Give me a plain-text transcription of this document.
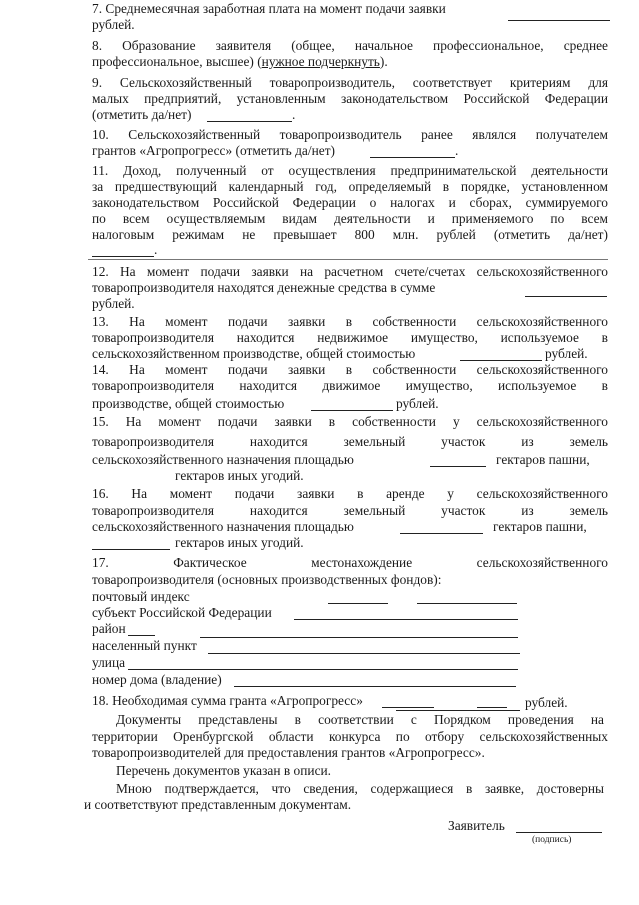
7. Среднемесячная заработная плата на момент подачи заявки
рублей.
8. Образование заявителя (общее, начальное профессиональное, среднее
профессиональное, высшее) (нужное подчеркнуть).
9. Сельскохозяйственный товаропроизводитель, соответствует критериям для
малых предприятий, установленным законодательством Российской Федерации
(отметить да/нет)	.
10. Сельскохозяйственный товаропроизводитель ранее являлся получателем
грантов «Агропрогресс» (отметить да/нет)	.
11. Доход, полученный от осуществления предпринимательской деятельности
за предшествующий календарный год, определяемый в порядке, установленном
законодательством Российской Федерации о налогах и сборах, суммируемого
по всем осуществляемым видам деятельности и применяемого по всем
налоговым режимам не превышает 800 млн. рублей (отметить да/нет)
.
12. На момент подачи заявки на расчетном счете/счетах сельскохозяйственного
товаропроизводителя находятся денежные средства в сумме
рублей.
13. На момент подачи заявки в собственности сельскохозяйственного
товаропроизводителя находится недвижимое имущество, используемое в
сельскохозяйственном производстве, общей стоимостью	рублей.
14. На момент подачи заявки в собственности сельскохозяйственного
товаропроизводителя находится движимое имущество, используемое в
производстве, общей стоимостью	рублей.
15. На момент подачи заявки в собственности у сельскохозяйственного
товаропроизводителя находится земельный участок из земель
сельскохозяйственного назначения площадью	гектаров пашни,
гектаров иных угодий.
16. На момент подачи заявки в аренде у сельскохозяйственного
товаропроизводителя находится земельный участок из земель
сельскохозяйственного назначения площадью	гектаров пашни,
гектаров иных угодий.
17. Фактическое местонахождение сельскохозяйственного
товаропроизводителя (основных производственных фондов):
почтовый индекс
субъект Российской Федерации
район
населенный пункт
улица
номер дома (владение)
18. Необходимая сумма гранта «Агропрогресс»	рублей.
Документы представлены в соответствии с Порядком проведения на
территории Оренбургской области конкурса по отбору сельскохозяйственных
товаропроизводителей для предоставления грантов «Агропрогресс».
Перечень документов указан в описи.
Мною подтверждается, что сведения, содержащиеся в заявке, достоверны
и соответствуют представленным документам.
Заявитель
(подпись)
